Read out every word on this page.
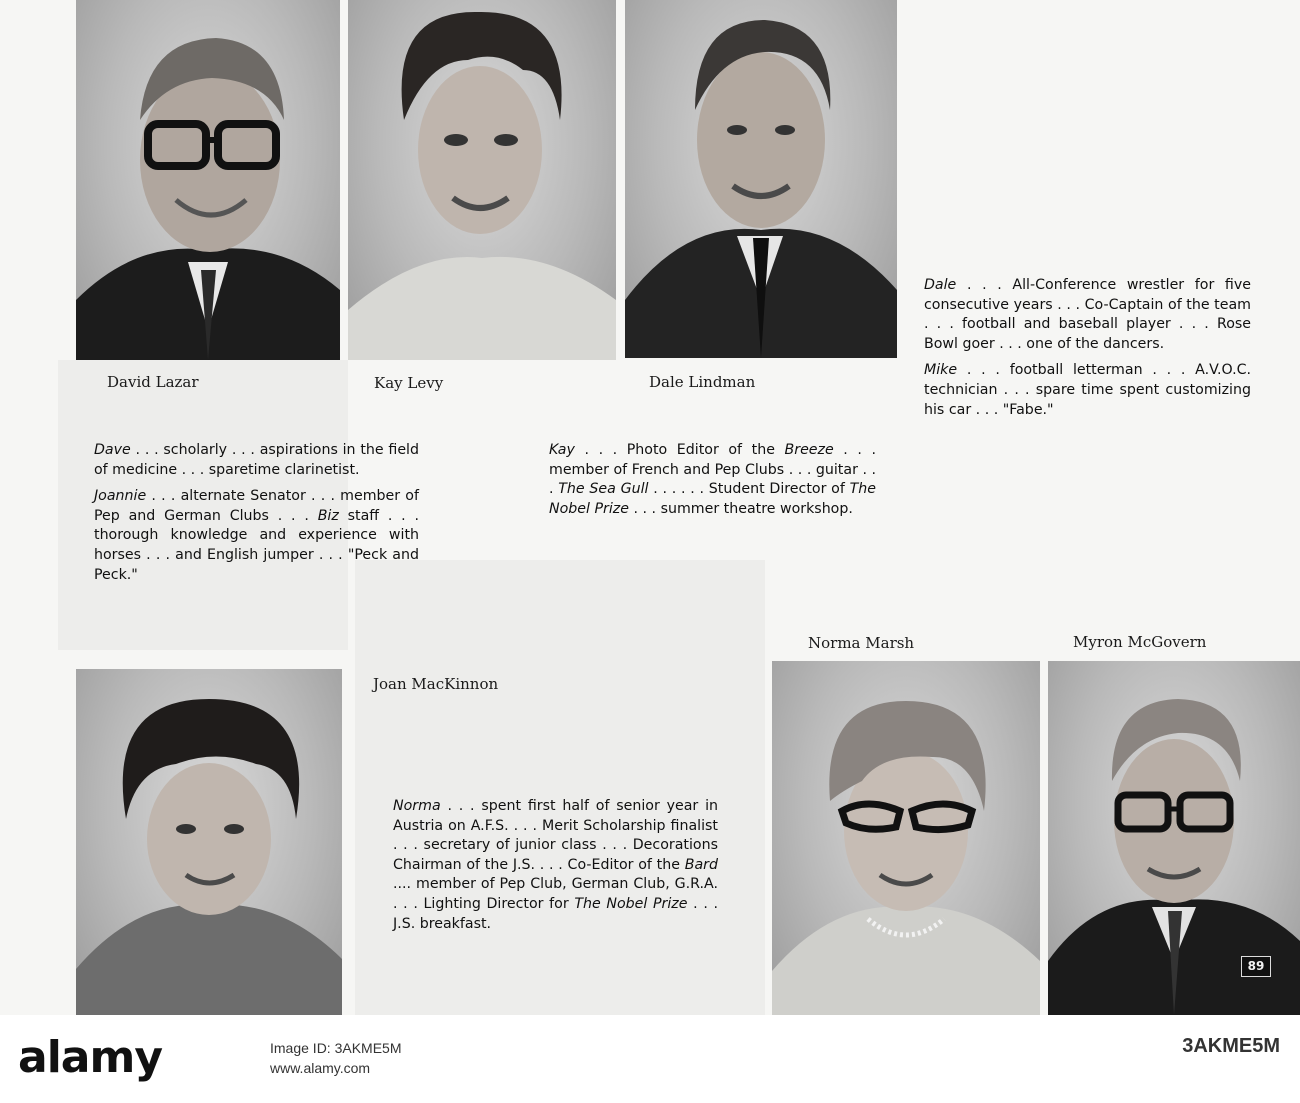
David Lazar	Kay Levy	Dale Lindman
Joan MacKinnon
Norma Marsh	Myron McGovern

Dave . . . scholarly . . . aspirations in the field of medicine . . . sparetime clarinetist.

Joannie . . . alternate Senator . . . member of Pep and German Clubs . . . Biz staff . . . thorough knowledge and experience with horses . . . and English jumper . . . "Peck and Peck."

Kay . . . Photo Editor of the Breeze . . . member of French and Pep Clubs . . . guitar . . . The Sea Gull . . . . . . Student Director of The Nobel Prize . . . summer theatre workshop.

Dale . . . All-Conference wrestler for five consecutive years . . . Co-Captain of the team . . . football and baseball player . . . Rose Bowl goer . . . one of the dancers.

Mike . . . football letterman . . . A.V.O.C. technician . . . spare time spent customizing his car . . . "Fabe."

Norma . . . spent first half of senior year in Austria on A.F.S. . . . Merit Scholarship finalist . . . secretary of junior class . . . Decorations Chairman of the J.S. . . . Co-Editor of the Bard .... member of Pep Club, German Club, G.R.A. . . . Lighting Director for The Nobel Prize . . . J.S. breakfast.

89
alamy	Image ID: 3AKME5M
www.alamy.com
3AKME5M
